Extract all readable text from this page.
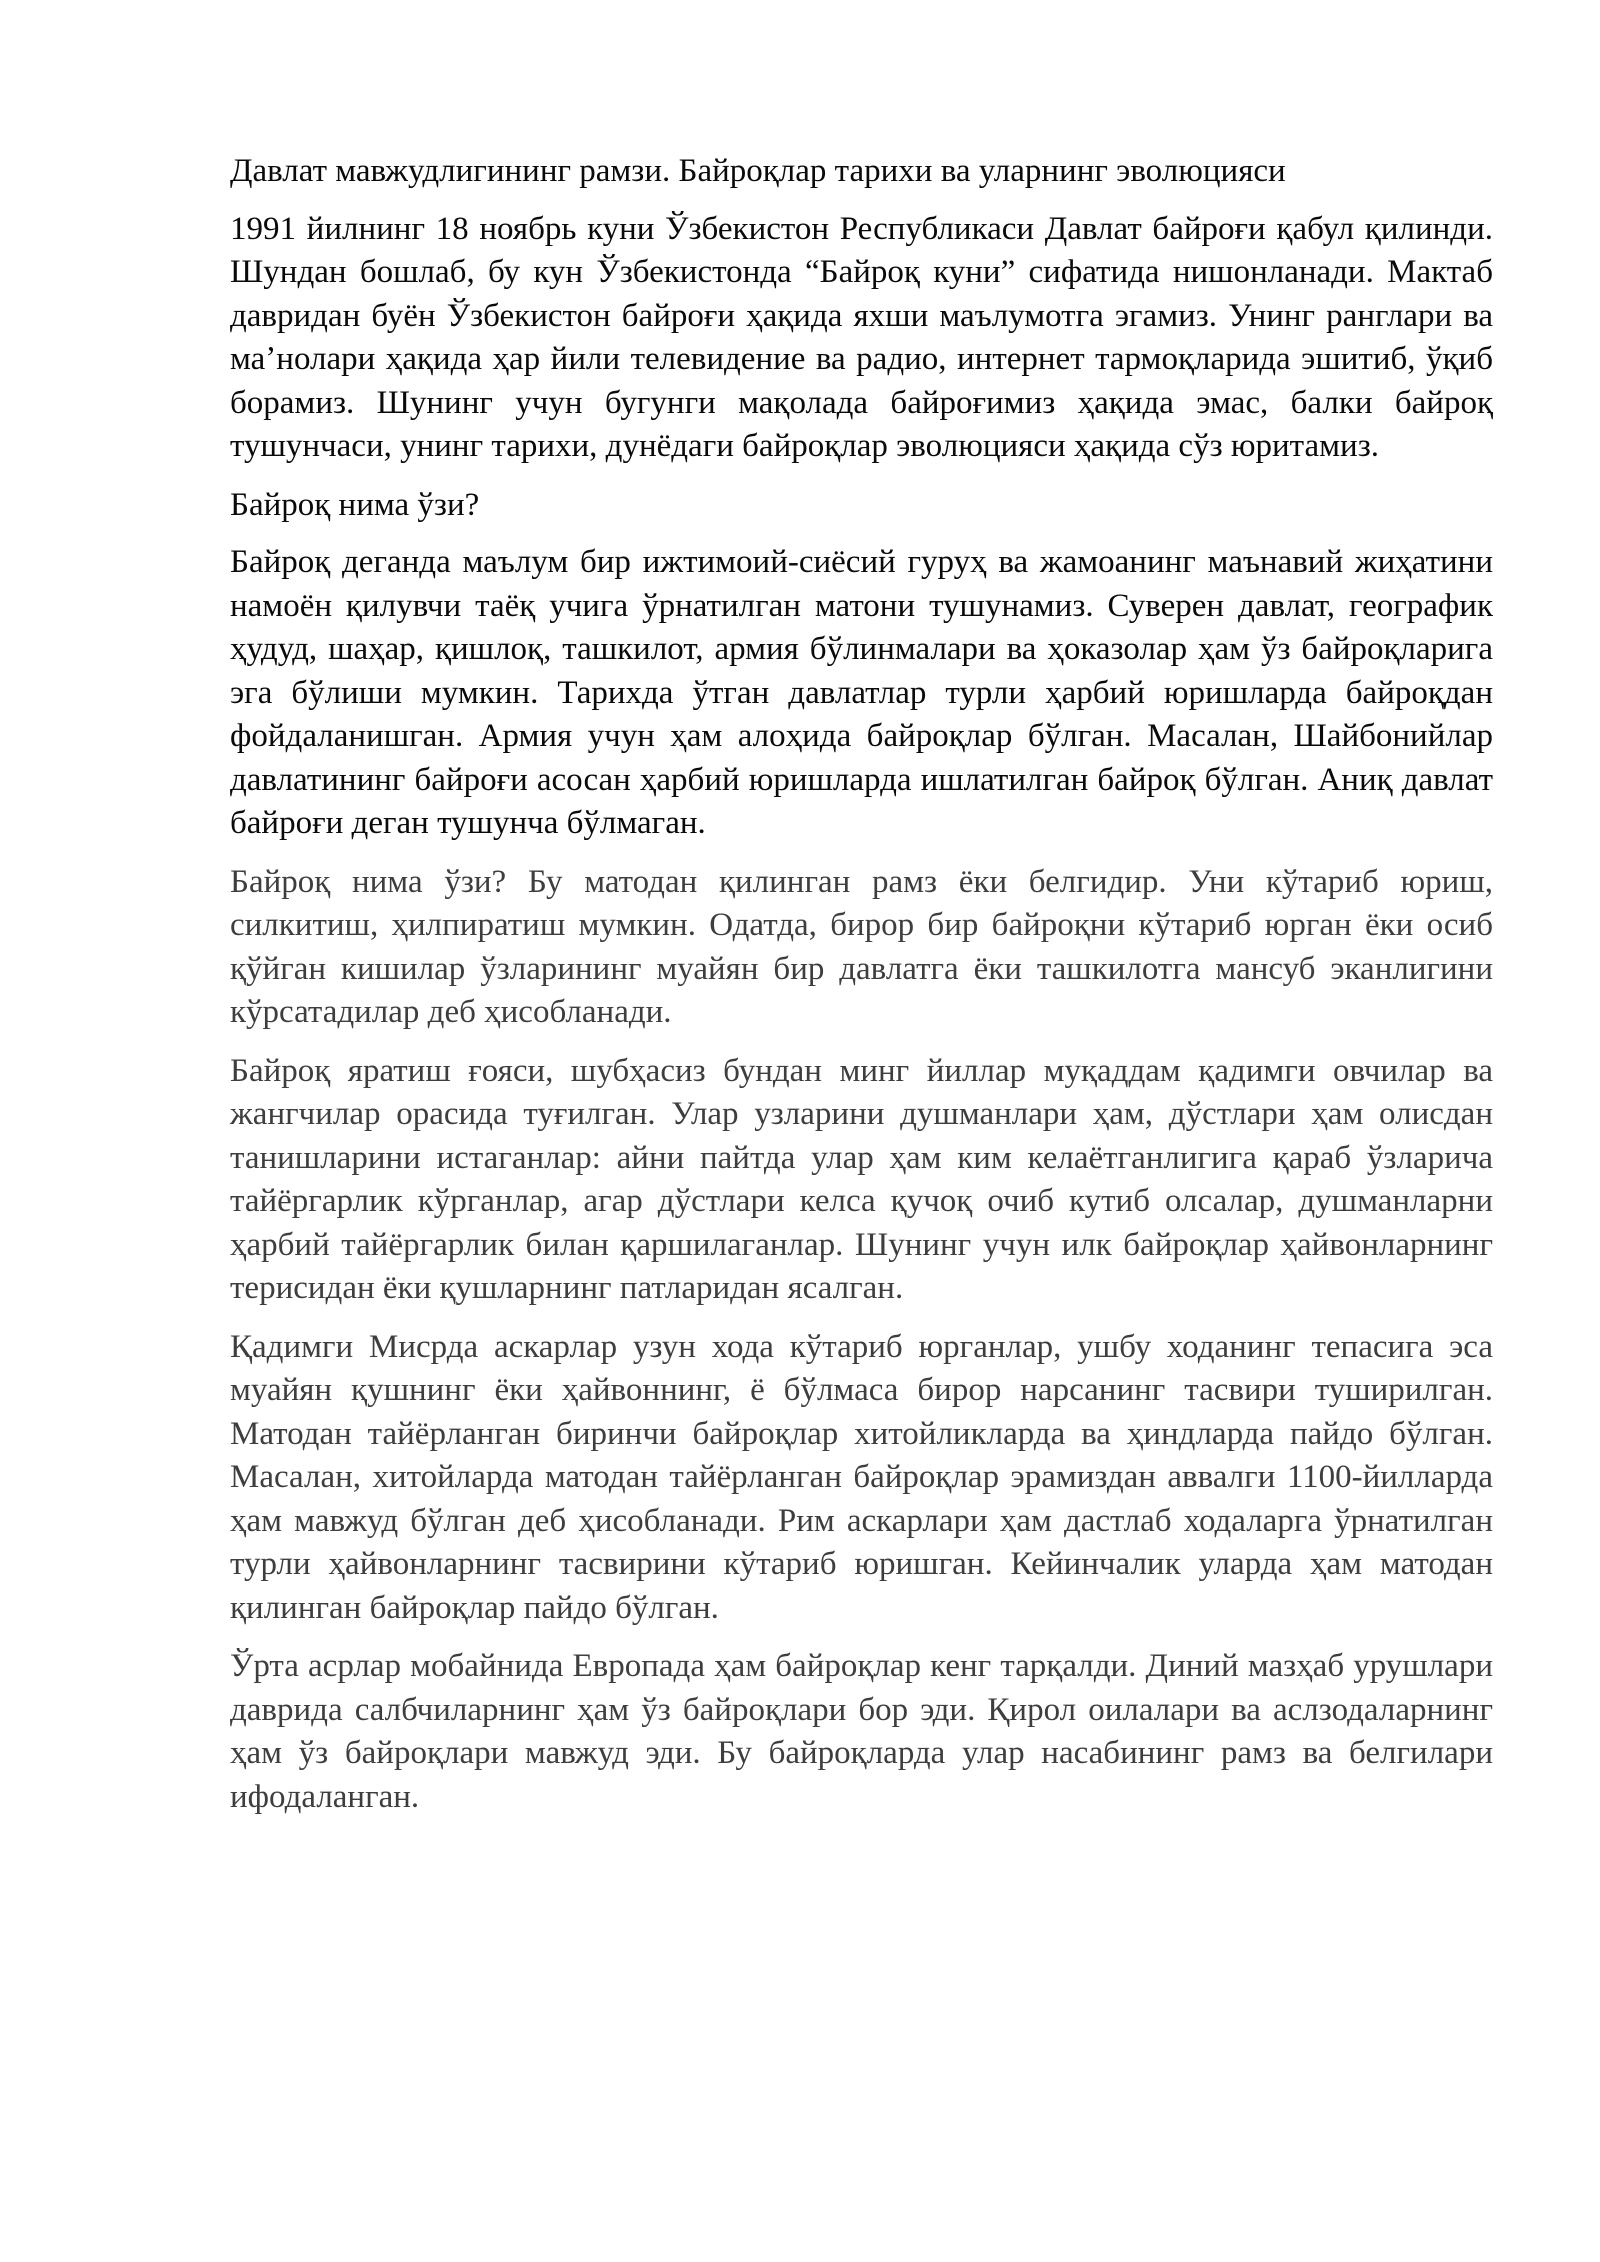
Давлат мавжудлигининг рамзи. Байроқлар тарихи ва уларнинг эволюцияси

1991 йилнинг 18 ноябрь куни Ўзбекистон Республикаси Давлат байроғи қабул қилинди. Шундан бошлаб, бу кун Ўзбекистонда “Байроқ куни” сифатида нишонланади. Мактаб давридан буён Ўзбекистон байроғи ҳақида яхши маълумотга эгамиз. Унинг ранглари ва маʼнолари ҳақида ҳар йили телевидение ва радио, интернет тармоқларида эшитиб, ўқиб борамиз. Шунинг учун бугунги мақолада байроғимиз ҳақида эмас, балки байроқ тушунчаси, унинг тарихи, дунёдаги байроқлар эволюцияси ҳақида сўз юритамиз.

Байроқ нима ўзи?

Байроқ деганда маълум бир ижтимоий-сиёсий гуруҳ ва жамоанинг маънавий жиҳатини намоён қилувчи таёқ учига ўрнатилган матони тушунамиз. Суверен давлат, географик ҳудуд, шаҳар, қишлоқ, ташкилот, армия бўлинмалари ва ҳоказолар ҳам ўз байроқларига эга бўлиши мумкин. Тарихда ўтган давлатлар турли ҳарбий юришларда байроқдан фойдаланишган. Армия учун ҳам алоҳида байроқлар бўлган. Масалан, Шайбонийлар давлатининг байроғи асосан ҳарбий юришларда ишлатилган байроқ бўлган. Аниқ давлат байроғи деган тушунча бўлмаган.

Байроқ нима ўзи? Бу матодан қилинган рамз ёки белгидир. Уни кўтариб юриш, силкитиш, ҳилпиратиш мумкин. Одатда, бирор бир байроқни кўтариб юрган ёки осиб қўйган кишилар ўзларининг муайян бир давлатга ёки ташкилотга мансуб эканлигини кўрсатадилар деб ҳисобланади.

Байроқ яратиш ғояси, шубҳасиз бундан минг йиллар муқаддам қадимги овчилар ва жангчилар орасида туғилган. Улар узларини душманлари ҳам, дўстлари ҳам олисдан танишларини истаганлар: айни пайтда улар ҳам ким келаётганлигига қараб ўзларича тайёргарлик кўрганлар, агар дўстлари келса қучоқ очиб кутиб олсалар, душманларни ҳарбий тайёргарлик билан қаршилаганлар. Шунинг учун илк байроқлар ҳайвонларнинг терисидан ёки қушларнинг патларидан ясалган.

Қадимги Мисрда аскарлар узун хода кўтариб юрганлар, ушбу ходанинг тепасига эса муайян қушнинг ёки ҳайвоннинг, ё бўлмаса бирор нарсанинг тасвири туширилган. Матодан тайёрланган биринчи байроқлар хитойликларда ва ҳиндларда пайдо бўлган. Масалан, хитойларда матодан тайёрланган байроқлар эрамиздан аввалги 1100-йилларда ҳам мавжуд бўлган деб ҳисобланади. Рим аскарлари ҳам дастлаб ходаларга ўрнатилган турли ҳайвонларнинг тасвирини кўтариб юришган. Кейинчалик уларда ҳам матодан қилинган байроқлар пайдо бўлган.

Ўрта асрлар мобайнида Европада ҳам байроқлар кенг тарқалди. Диний мазҳаб урушлари даврида салбчиларнинг ҳам ўз байроқлари бор эди. Қирол оилалари ва аслзодаларнинг ҳам ўз байроқлари мавжуд эди. Бу байроқларда улар насабининг рамз ва белгилари ифодаланган.
